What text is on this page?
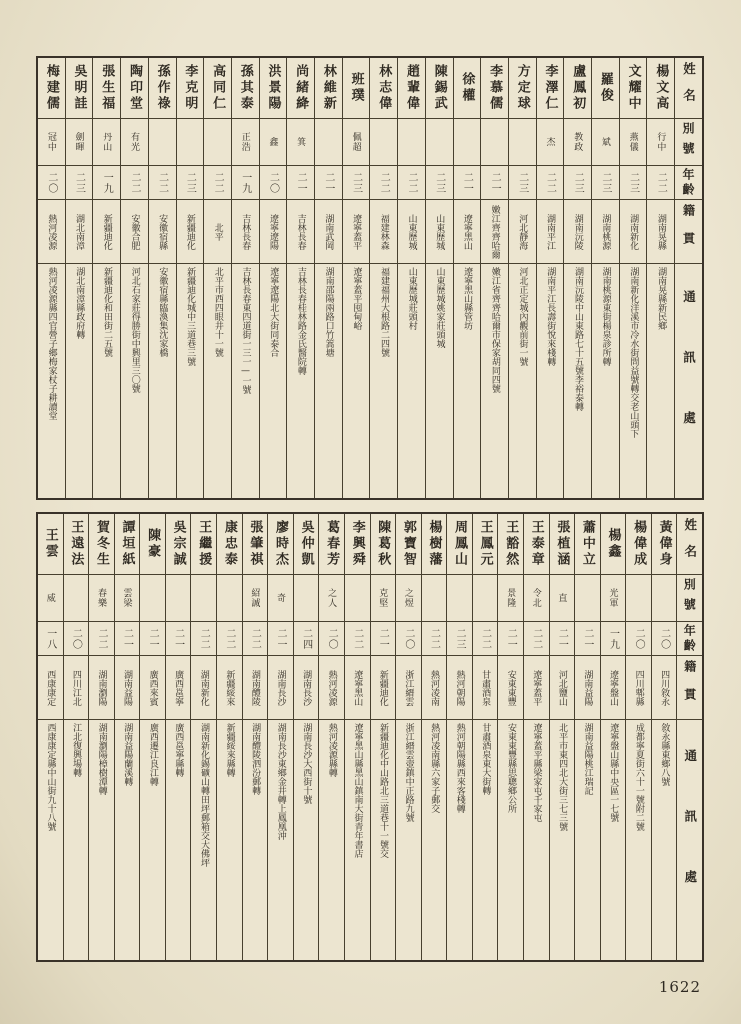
梅建儒
冠中
二〇
熱河凌源
熱河凌源縣四官營子鄉梅家杖子耕讀堂
吳明詿
劍暉
二三
湖北南漳
湖北南漳縣政府轉
張生福
丹山
一九
新疆迪化
新疆迪化和田街二五號
陶印堂
有光
二二
安徽合肥
河北石家莊得勝街中興里三〇號
孫作祿
二二
安徽宿縣
安徽宿縣臨渙集沈家橋
李克明
二三
新疆迪化
新疆迪化城中三道巷三號
高同仁
二二
北平
北平市西四眼井十一號
孫其泰
正浩
一九
吉林長春
吉林長春東四道街一三一—一號
洪景陽
鑫
二〇
遼寧遼陽
遼寧遼陽北大街同泰合
尚緒絳
箕
二一
吉林長春
吉林長春桂林路金氏醫院轉
林維新
二一
湖南武岡
湖南邵陽兩路口竹篙塘
班璞
佩超
二三
遼寧蓋平
遼寧蓋平囤甸峪
林志偉
二二
福建林森
福建福州大根路二四號
趙輩偉
二二
山東歷城
山東歷城莊頭村
陳錫武
二三
山東歷城
山東歷城姚家莊頭城
徐權
二一
遼寧黑山
遼寧黑山縣管坊
李慕儒
二一
嫩江齊齊哈爾
嫩江省齊齊哈爾市保家胡同四號
方定球
二三
河北靜海
河北正定城內觀前街一號
李澤仁
杰
二二
湖南平江
湖南平江長壽街悅來棧轉
盧鳳初
教政
二三
湖南沅陵
湖南沅陵中山東路七十五號李裕泰轉
羅俊
斌
二三
湖南桃源
湖南桃源東街楊泉診所轉
文耀中
燕儀
二三
湖南新化
湖南新化洋溪市冷水街問益號轉交老山頭下
楊文高
行中
二二
湖南晃縣
湖南晃縣新民鄉
姓名
別號
年齡
籍貫
通訊處
王雲
威
一八
西康康定
西康康定縣中山街九十八號
王遠法
二〇
四川江北
江北復興場轉
賀冬生
春樂
二二
湖南瀏陽
湖南瀏陽樟樹潭轉
譚垣紙
雲梁
二一
湖南益陽
湖南益陽蘭溪轉
陳豪
二一
廣西來賓
廣西遷江良江轉
吳宗誠
二一
廣西邕寧
廣西邕寧縣轉
王繼援
二二
湖南新化
湖南新化錫礦山轉田坪郵箱交大佛坪
康忠泰
二二
新疆綏來
新疆綏來縣轉
張肇祺
紹誠
二二
湖南醴陵
湖南醴陵泗汾郵轉
廖時杰
奇
二一
湖南長沙
湖南長沙東鄉金井轉上鳳凰沖
吳仲凱
二四
湖南長沙
湖南長沙大西街十號
葛春芳
之人
二〇
熱河凌源
熱河凌源縣轉
李興舜
二二
遼寧黑山
遼寧黑山縣黑山鎮南大街青年書店
陳葛秋
克堅
二一
新疆迪化
新疆迪化中山路北三道巷十一號交
郭寶智
之煜
二〇
浙江縉雲
浙江縉雲壺鎮中正路九號
楊樹藩
二二
熱河凌南
熱河凌南縣六家子郵交
周鳳山
二三
熱河朝陽
熱河朝陽縣西來客棧轉
王鳳元
二二
甘肅酒泉
甘肅酒泉東大街轉
王豁然
景隆
二一
安東東豐
安東東豐縣思聰鄉公所
王泰章
令北
二二
遼寧蓋平
遼寧蓋平縣梁家屯千家屯
張植涵
直
二一
河北鹽山
北平市東四北大街三七三號
蕭中立
二一
湖南益陽
湖南益陽桃江瑞記
楊鑫
光軍
一九
遼寧盤山
遼寧盤山縣中央區一七號
楊偉成
二〇
四川郫縣
成都寧夏街六十一號附二號
黃偉身
二〇
四川敘永
敘永縣東鄉八號
姓名
別號
年齡
籍貫
通訊處
1622
